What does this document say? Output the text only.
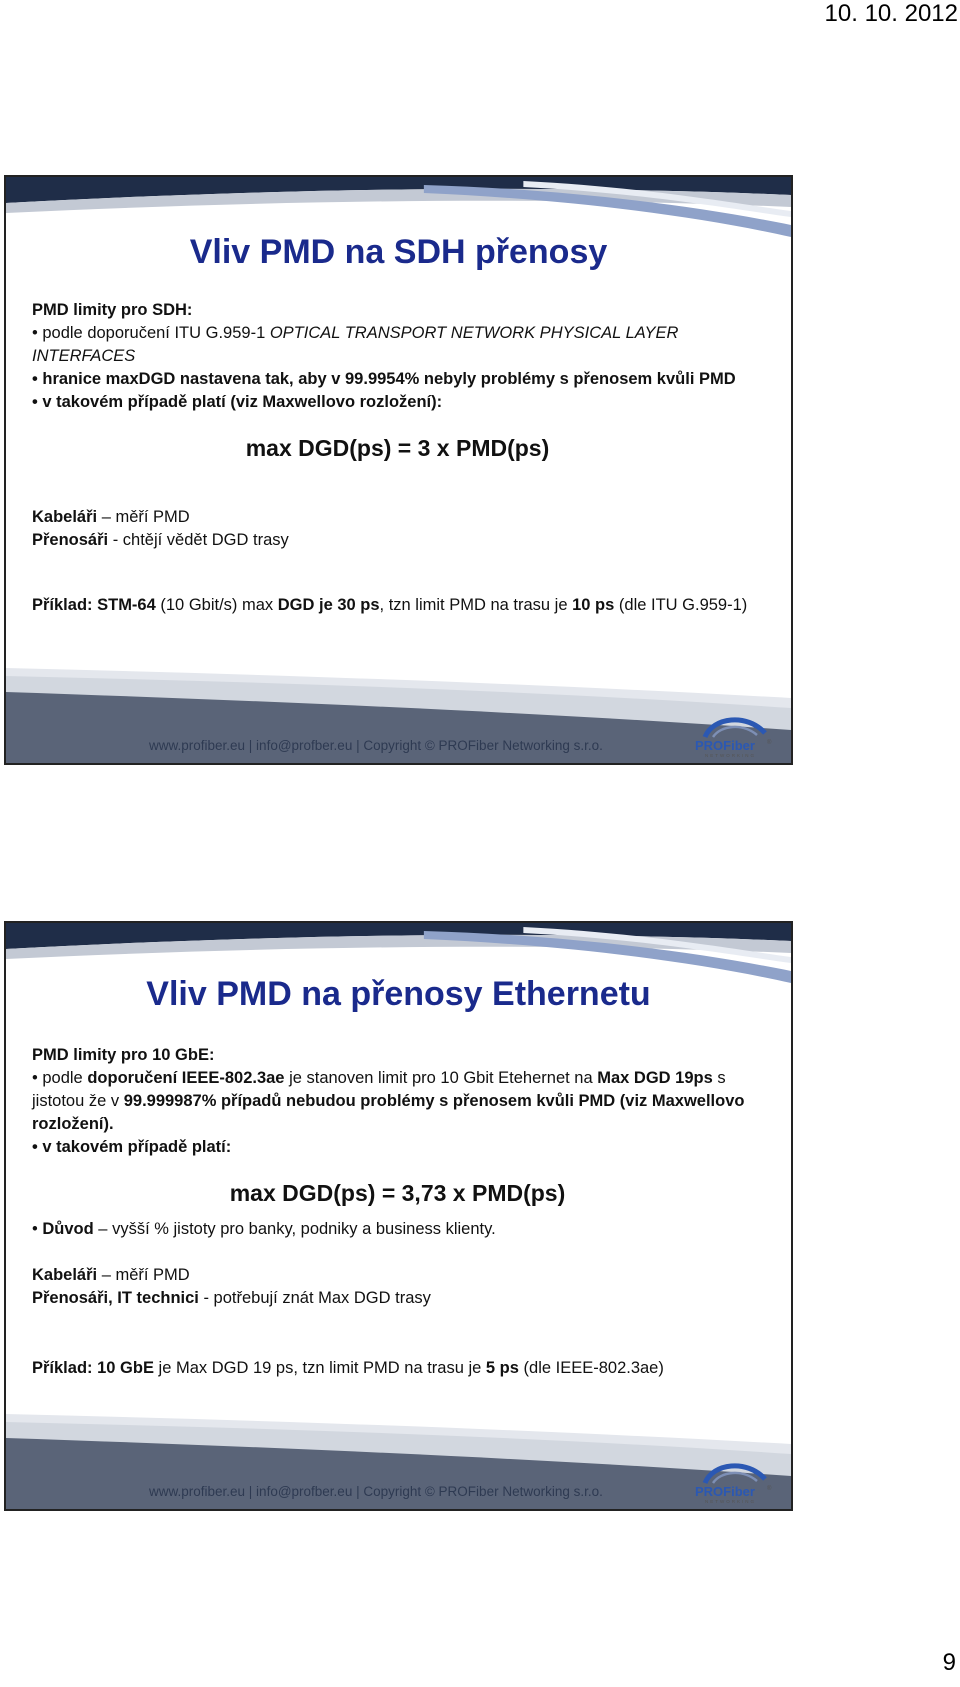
10. 10. 2012
Vliv PMD na SDH přenosy

PMD limity pro SDH:

• podle doporučení ITU G.959-1 OPTICAL TRANSPORT NETWORK PHYSICAL LAYER INTERFACES

• hranice maxDGD nastavena tak, aby v 99.9954% nebyly problémy s přenosem kvůli PMD

• v takovém případě platí (viz Maxwellovo rozložení):

max DGD(ps) = 3 x PMD(ps)

Kabeláři – měří PMD

Přenosáři - chtějí vědět DGD trasy

Příklad: STM-64 (10 Gbit/s) max DGD je 30 ps, tzn limit PMD na trasu je 10 ps (dle ITU G.959-1)

www.profiber.eu | info@profber.eu | Copyright © PROFiber Networking s.r.o.	PROFiber ®
NETWORKING
Vliv PMD na přenosy Ethernetu

PMD limity pro 10 GbE:

• podle doporučení IEEE-802.3ae je stanoven limit pro 10 Gbit Etehernet na Max DGD 19ps s jistotou že v 99.999987% případů nebudou problémy s přenosem kvůli PMD (viz Maxwellovo rozložení).

• v takovém případě platí:

max DGD(ps) = 3,73 x PMD(ps)

• Důvod – vyšší % jistoty pro banky, podniky a business klienty.

Kabeláři – měří PMD

Přenosáři, IT technici - potřebují znát Max DGD trasy

Příklad: 10 GbE je Max DGD 19 ps, tzn limit PMD na trasu je 5 ps (dle IEEE-802.3ae)

www.profiber.eu | info@profber.eu | Copyright © PROFiber Networking s.r.o.	PROFiber ®
NETWORKING
9
